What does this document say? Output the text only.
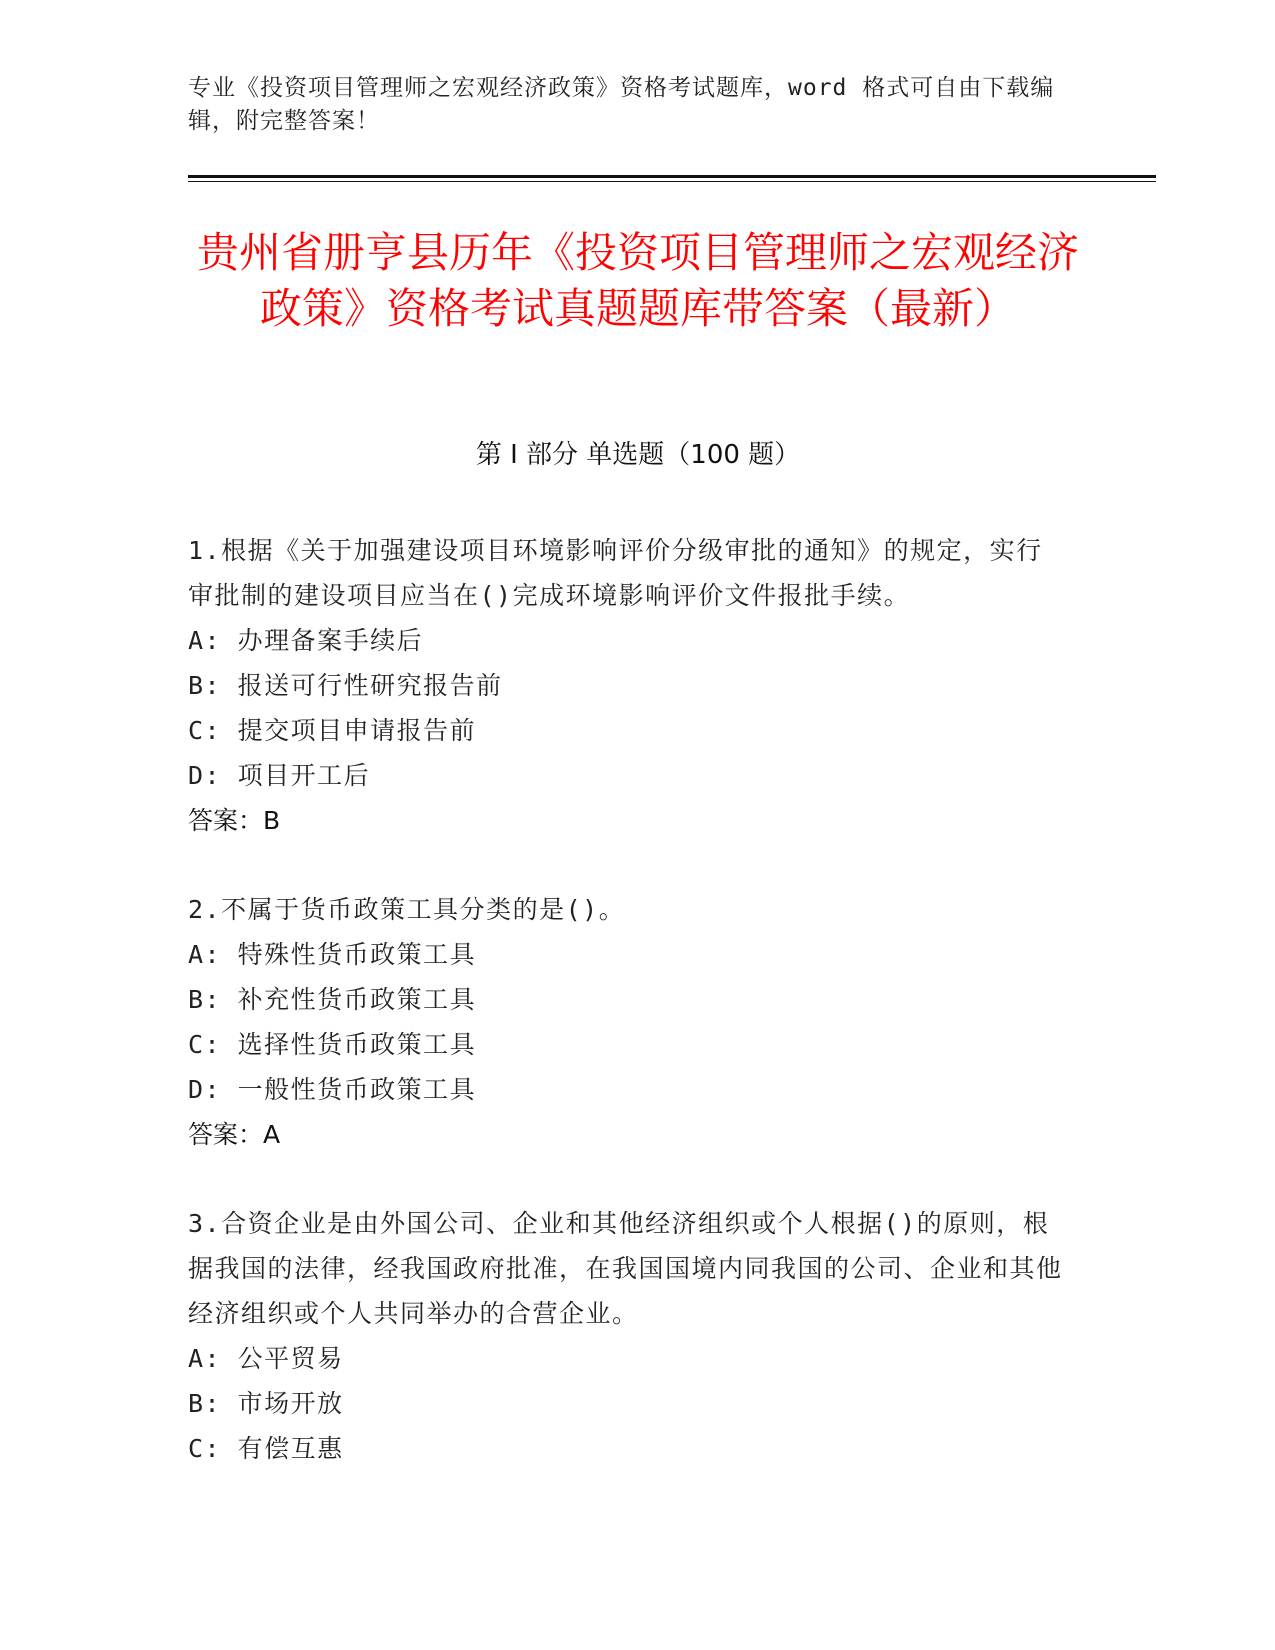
专业《投资项目管理师之宏观经济政策》资格考试题库，word 格式可自由下载编辑，附完整答案！

贵州省册亨县历年《投资项目管理师之宏观经济政策》资格考试真题题库带答案（最新）
第 I 部分 单选题（100 题）

1.根据《关于加强建设项目环境影响评价分级审批的通知》的规定，实行审批制的建设项目应当在()完成环境影响评价文件报批手续。

A: 办理备案手续后

B: 报送可行性研究报告前

C: 提交项目申请报告前

D: 项目开工后

答案：B

2.不属于货币政策工具分类的是()。

A: 特殊性货币政策工具

B: 补充性货币政策工具

C: 选择性货币政策工具

D: 一般性货币政策工具

答案：A

3.合资企业是由外国公司、企业和其他经济组织或个人根据()的原则，根据我国的法律，经我国政府批准，在我国国境内同我国的公司、企业和其他经济组织或个人共同举办的合营企业。

A: 公平贸易

B: 市场开放

C: 有偿互惠
